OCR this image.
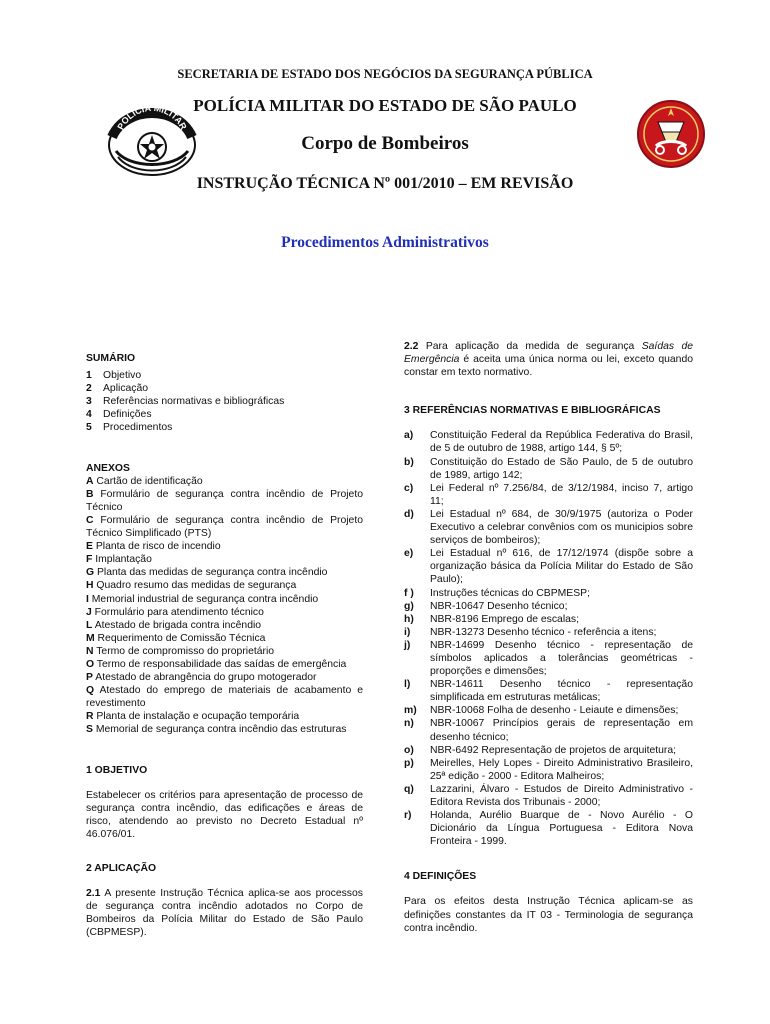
SECRETARIA DE ESTADO DOS NEGÓCIOS DA SEGURANÇA PÚBLICA
POLÍCIA MILITAR DO ESTADO DE SÃO PAULO
Corpo de Bombeiros
INSTRUÇÃO TÉCNICA Nº 001/2010 – EM REVISÃO
Procedimentos Administrativos
POLÍCIA MILITAR

SUMÁRIO

1	Objetivo
2	Aplicação
3	Referências normativas e bibliográficas
4	Definições
5	Procedimentos

ANEXOS

A Cartão de identificação

B Formulário de segurança contra incêndio de Projeto Técnico

C Formulário de segurança contra incêndio de Projeto Técnico Simplificado (PTS)

E Planta de risco de incendio

F Implantação

G Planta das medidas de segurança contra incêndio

H Quadro resumo das medidas de segurança

I Memorial industrial de segurança contra incêndio

J Formulário para atendimento técnico

L Atestado de brigada contra incêndio

M Requerimento de Comissão Técnica

N Termo de compromisso do proprietário

O Termo de responsabilidade das saídas de emergência

P Atestado de abrangência do grupo motogerador

Q Atestado do emprego de materiais de acabamento e revestimento

R Planta de instalação e ocupação temporária

S Memorial de segurança contra incêndio das estruturas

1 OBJETIVO

Estabelecer os critérios para apresentação de processo de segurança contra incêndio, das edificações e áreas de risco, atendendo ao previsto no Decreto Estadual nº 46.076/01.

2 APLICAÇÃO

2.1 A presente Instrução Técnica aplica-se aos processos de segurança contra incêndio adotados no Corpo de Bombeiros da Polícia Militar do Estado de São Paulo (CBPMESP).

2.2 Para aplicação da medida de segurança Saídas de Emergência é aceita uma única norma ou lei, exceto quando constar em texto normativo.

3 REFERÊNCIAS NORMATIVAS E BIBLIOGRÁFICAS

a)	Constituição Federal da República Federativa do Brasil, de 5 de outubro de 1988, artigo 144, § 5º;
b)	Constituição do Estado de São Paulo, de 5 de outubro de 1989, artigo 142;
c)	Lei Federal nº 7.256/84, de 3/12/1984, inciso 7, artigo 11;
d)	Lei Estadual nº 684, de 30/9/1975 (autoriza o Poder Executivo a celebrar convênios com os municipios sobre serviços de bombeiros);
e)	Lei Estadual nº 616, de 17/12/1974 (dispõe sobre a organização básica da Polícia Militar do Estado de São Paulo);
f )	Instruções técnicas do CBPMESP;
g)	NBR-10647 Desenho técnico;
h)	NBR-8196 Emprego de escalas;
i)	NBR-13273 Desenho técnico - referência a itens;
j)	NBR-14699 Desenho técnico - representação de símbolos aplicados a tolerâncias geométricas - proporções e dimensões;
l)	NBR-14611 Desenho técnico - representação simplificada em estruturas metálicas;
m)	NBR-10068 Folha de desenho - Leiaute e dimensões;
n)	NBR-10067 Princípios gerais de representação em desenho técnico;
o)	NBR-6492 Representação de projetos de arquitetura;
p)	Meirelles, Hely Lopes - Direito Administrativo Brasileiro, 25ª edição - 2000 - Editora Malheiros;
q)	Lazzarini, Álvaro - Estudos de Direito Administrativo - Editora Revista dos Tribunais - 2000;
r)	Holanda, Aurélio Buarque de - Novo Aurélio - O Dicionário da Língua Portuguesa - Editora Nova Fronteira - 1999.

4 DEFINIÇÕES

Para os efeitos desta Instrução Técnica aplicam-se as definições constantes da IT 03 - Terminologia de segurança contra incêndio.
